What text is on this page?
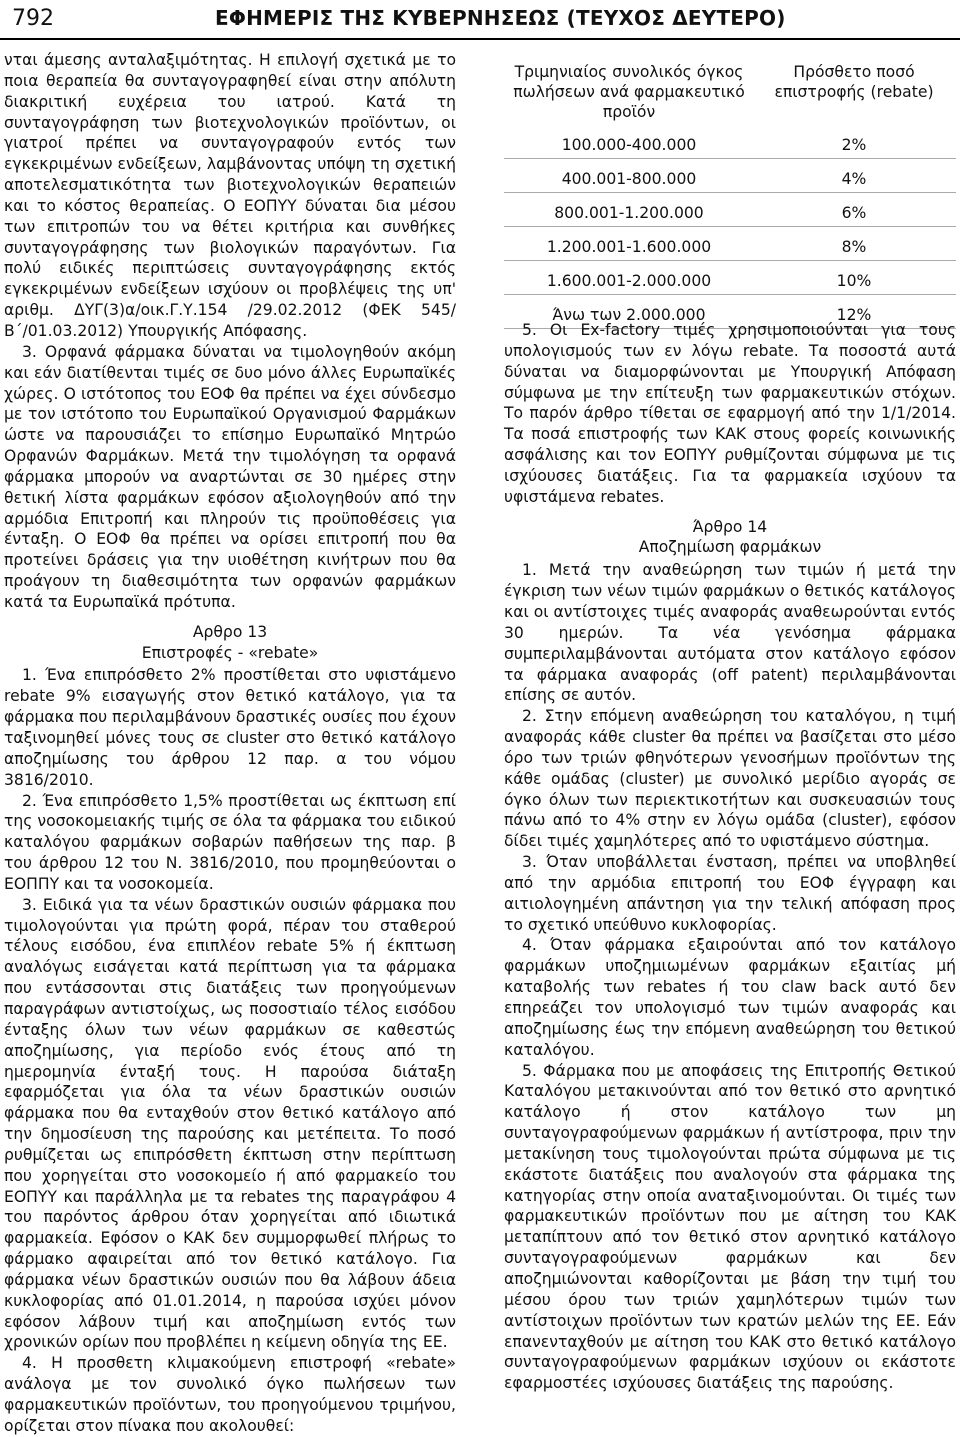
792	ΕΦΗΜΕΡΙΣ ΤΗΣ ΚΥΒΕΡΝΗΣΕΩΣ (ΤΕΥΧΟΣ ΔΕΥΤΕΡΟ)

νται άμεσης ανταλαξιμότητας. Η επιλογή σχετικά με το ποια θεραπεία θα συνταγογραφηθεί είναι στην απόλυτη διακριτική ευχέρεια του ιατρού. Κατά τη συνταγογράφηση των βιοτεχνολογικών προϊόντων, οι γιατροί πρέπει να συνταγογραφούν εντός των εγκεκριμένων ενδείξεων, λαμβάνοντας υπόψη τη σχετική αποτελεσματικότητα των βιοτεχνολογικών θεραπειών και το κόστος θεραπείας. Ο ΕΟΠΥΥ δύναται δια μέσου των επιτροπών του να θέτει κριτήρια και συνθήκες συνταγογράφησης των βιολογικών παραγόντων. Για πολύ ειδικές περιπτώσεις συνταγογράφησης εκτός εγκεκριμένων ενδείξεων ισχύουν οι προβλέψεις της υπ' αριθμ. ΔΥΓ(3)α/οικ.Γ.Υ.154 /29.02.2012 (ΦΕΚ 545/Β΄/01.03.2012) Υπουργικής Απόφασης.

3. Ορφανά φάρμακα δύναται να τιμολογηθούν ακόμη και εάν διατίθενται τιμές σε δυο μόνο άλλες Ευρωπαϊκές χώρες. Ο ιστότοπος του ΕΟΦ θα πρέπει να έχει σύνδεσμο με τον ιστότοπο του Ευρωπαϊκού Οργανισμού Φαρμάκων ώστε να παρουσιάζει το επίσημο Ευρωπαϊκό Μητρώο Ορφανών Φαρμάκων. Μετά την τιμολόγηση τα ορφανά φάρμακα μπορούν να αναρτώνται σε 30 ημέρες στην θετική λίστα φαρμάκων εφόσον αξιολογηθούν από την αρμόδια Επιτροπή και πληρούν τις προϋποθέσεις για ένταξη. Ο ΕΟΦ θα πρέπει να ορίσει επιτροπή που θα προτείνει δράσεις για την υιοθέτηση κινήτρων που θα προάγουν τη διαθεσιμότητα των ορφανών φαρμάκων κατά τα Ευρωπαϊκά πρότυπα.

Αρθρο 13
Επιστροφές - «rebate»

1. Ένα επιπρόσθετο 2% προστίθεται στο υφιστάμενο rebate 9% εισαγωγής στον θετικό κατάλογο, για τα φάρμακα που περιλαμβάνουν δραστικές ουσίες που έχουν ταξινομηθεί μόνες τους σε cluster στο θετικό κατάλογο αποζημίωσης του άρθρου 12 παρ. α του νόμου 3816/2010.

2. Ένα επιπρόσθετο 1,5% προστίθεται ως έκπτωση επί της νοσοκομειακής τιμής σε όλα τα φάρμακα του ειδικού καταλόγου φαρμάκων σοβαρών παθήσεων της παρ. β του άρθρου 12 του Ν. 3816/2010, που προμηθεύονται ο ΕΟΠΠΥ και τα νοσοκομεία.

3. Ειδικά για τα νέων δραστικών ουσιών φάρμακα που τιμολογούνται για πρώτη φορά, πέραν του σταθερού τέλους εισόδου, ένα επιπλέον rebate 5% ή έκπτωση αναλόγως εισάγεται κατά περίπτωση για τα φάρμακα που εντάσσονται στις διατάξεις των προηγούμενων παραγράφων αντιστοίχως, ως ποσοστιαίο τέλος εισόδου ένταξης όλων των νέων φαρμάκων σε καθεστώς αποζημίωσης, για περίοδο ενός έτους από τη ημερομηνία ένταξή τους. Η παρούσα διάταξη εφαρμόζεται για όλα τα νέων δραστικών ουσιών φάρμακα που θα ενταχθούν στον θετικό κατάλογο από την δημοσίευση της παρούσης και μετέπειτα. Το ποσό ρυθμίζεται ως επιπρόσθετη έκπτωση στην περίπτωση που χορηγείται στο νοσοκομείο ή από φαρμακείο του ΕΟΠΥΥ και παράλληλα με τα rebates της παραγράφου 4 του παρόντος άρθρου όταν χορηγείται από ιδιωτικά φαρμακεία. Εφόσον ο ΚΑΚ δεν συμμορφωθεί πλήρως το φάρμακο αφαιρείται από τον θετικό κατάλογο. Για φάρμακα νέων δραστικών ουσιών που θα λάβουν άδεια κυκλοφορίας από 01.01.2014, η παρούσα ισχύει μόνον εφόσον λάβουν τιμή και αποζημίωση εντός των χρονικών ορίων που προβλέπει η κείμενη οδηγία της ΕΕ.

4. Η προσθετη κλιμακούμενη επιστροφή «rebate» ανάλογα με τον συνολικό όγκο πωλήσεων των φαρμακευτικών προϊόντων, του προηγούμενου τριμήνου, ορίζεται στον πίνακα που ακολουθεί:

Τριμηνιαίος συνολικός όγκος πωλήσεων ανά φαρμακευτικό προϊόν
Πρόσθετο ποσό επιστροφής (rebate)
100.000-400.000	2%
400.001-800.000	4%
800.001-1.200.000	6%
1.200.001-1.600.000	8%
1.600.001-2.000.000	10%
Άνω των 2.000.000	12%

5. Οι Ex-factory τιμές χρησιμοποιούνται για τους υπολογισμούς των εν λόγω rebate. Τα ποσοστά αυτά δύναται να διαμορφώνονται με Υπουργική Απόφαση σύμφωνα με την επίτευξη των φαρμακευτικών στόχων. Το παρόν άρθρο τίθεται σε εφαρμογή από την 1/1/2014. Τα ποσά επιστροφής των ΚΑΚ στους φορείς κοινωνικής ασφάλισης και τον ΕΟΠΥΥ ρυθμίζονται σύμφωνα με τις ισχύουσες διατάξεις. Για τα φαρμακεία ισχύουν τα υφιστάμενα rebates.

Άρθρο 14
Αποζημίωση φαρμάκων

1. Μετά την αναθεώρηση των τιμών ή μετά την έγκριση των νέων τιμών φαρμάκων ο θετικός κατάλογος και οι αντίστοιχες τιμές αναφοράς αναθεωρούνται εντός 30 ημερών. Τα νέα γενόσημα φάρμακα συμπεριλαμβάνονται αυτόματα στον κατάλογο εφόσον τα φάρμακα αναφοράς (off patent) περιλαμβάνονται επίσης σε αυτόν.

2. Στην επόμενη αναθεώρηση του καταλόγου, η τιμή αναφοράς κάθε cluster θα πρέπει να βασίζεται στο μέσο όρο των τριών φθηνότερων γενοσήμων προϊόντων της κάθε ομάδας (cluster) με συνολικό μερίδιο αγοράς σε όγκο όλων των περιεκτικοτήτων και συσκευασιών τους πάνω από το 4% στην εν λόγω ομάδα (cluster), εφόσον δίδει τιμές χαμηλότερες από το υφιστάμενο σύστημα.

3. Όταν υποβάλλεται ένσταση, πρέπει να υποβληθεί από την αρμόδια επιτροπή του ΕΟΦ έγγραφη και αιτιολογημένη απάντηση για την τελική απόφαση προς το σχετικό υπεύθυνο κυκλοφορίας.

4. Όταν φάρμακα εξαιρούνται από τον κατάλογο φαρμάκων υποζημιωμένων φαρμάκων εξαιτίας μή καταβολής των rebates ή του claw back αυτό δεν επηρεάζει τον υπολογισμό των τιμών αναφοράς και αποζημίωσης έως την επόμενη αναθεώρηση του θετικού καταλόγου.

5. Φάρμακα που με αποφάσεις της Επιτροπής Θετικού Καταλόγου μετακινούνται από τον θετικό στο αρνητικό κατάλογο ή στον κατάλογο των μη συνταγογραφούμενων φαρμάκων ή αντίστροφα, πριν την μετακίνηση τους τιμολογούνται πρώτα σύμφωνα με τις εκάστοτε διατάξεις που αναλογούν στα φάρμακα της κατηγορίας στην οποία αναταξινομούνται. Οι τιμές των φαρμακευτικών προϊόντων που με αίτηση του ΚΑΚ μεταπίπτουν από τον θετικό στον αρνητικό κατάλογο συνταγογραφούμενων φαρμάκων και δεν αποζημιώνονται καθορίζονται με βάση την τιμή του μέσου όρου των τριών χαμηλότερων τιμών των αντίστοιχων προϊόντων των κρατών μελών της ΕΕ. Εάν επανενταχθούν με αίτηση του ΚΑΚ στο θετικό κατάλογο συνταγογραφούμενων φαρμάκων ισχύουν οι εκάστοτε εφαρμοστέες ισχύουσες διατάξεις της παρούσης.
